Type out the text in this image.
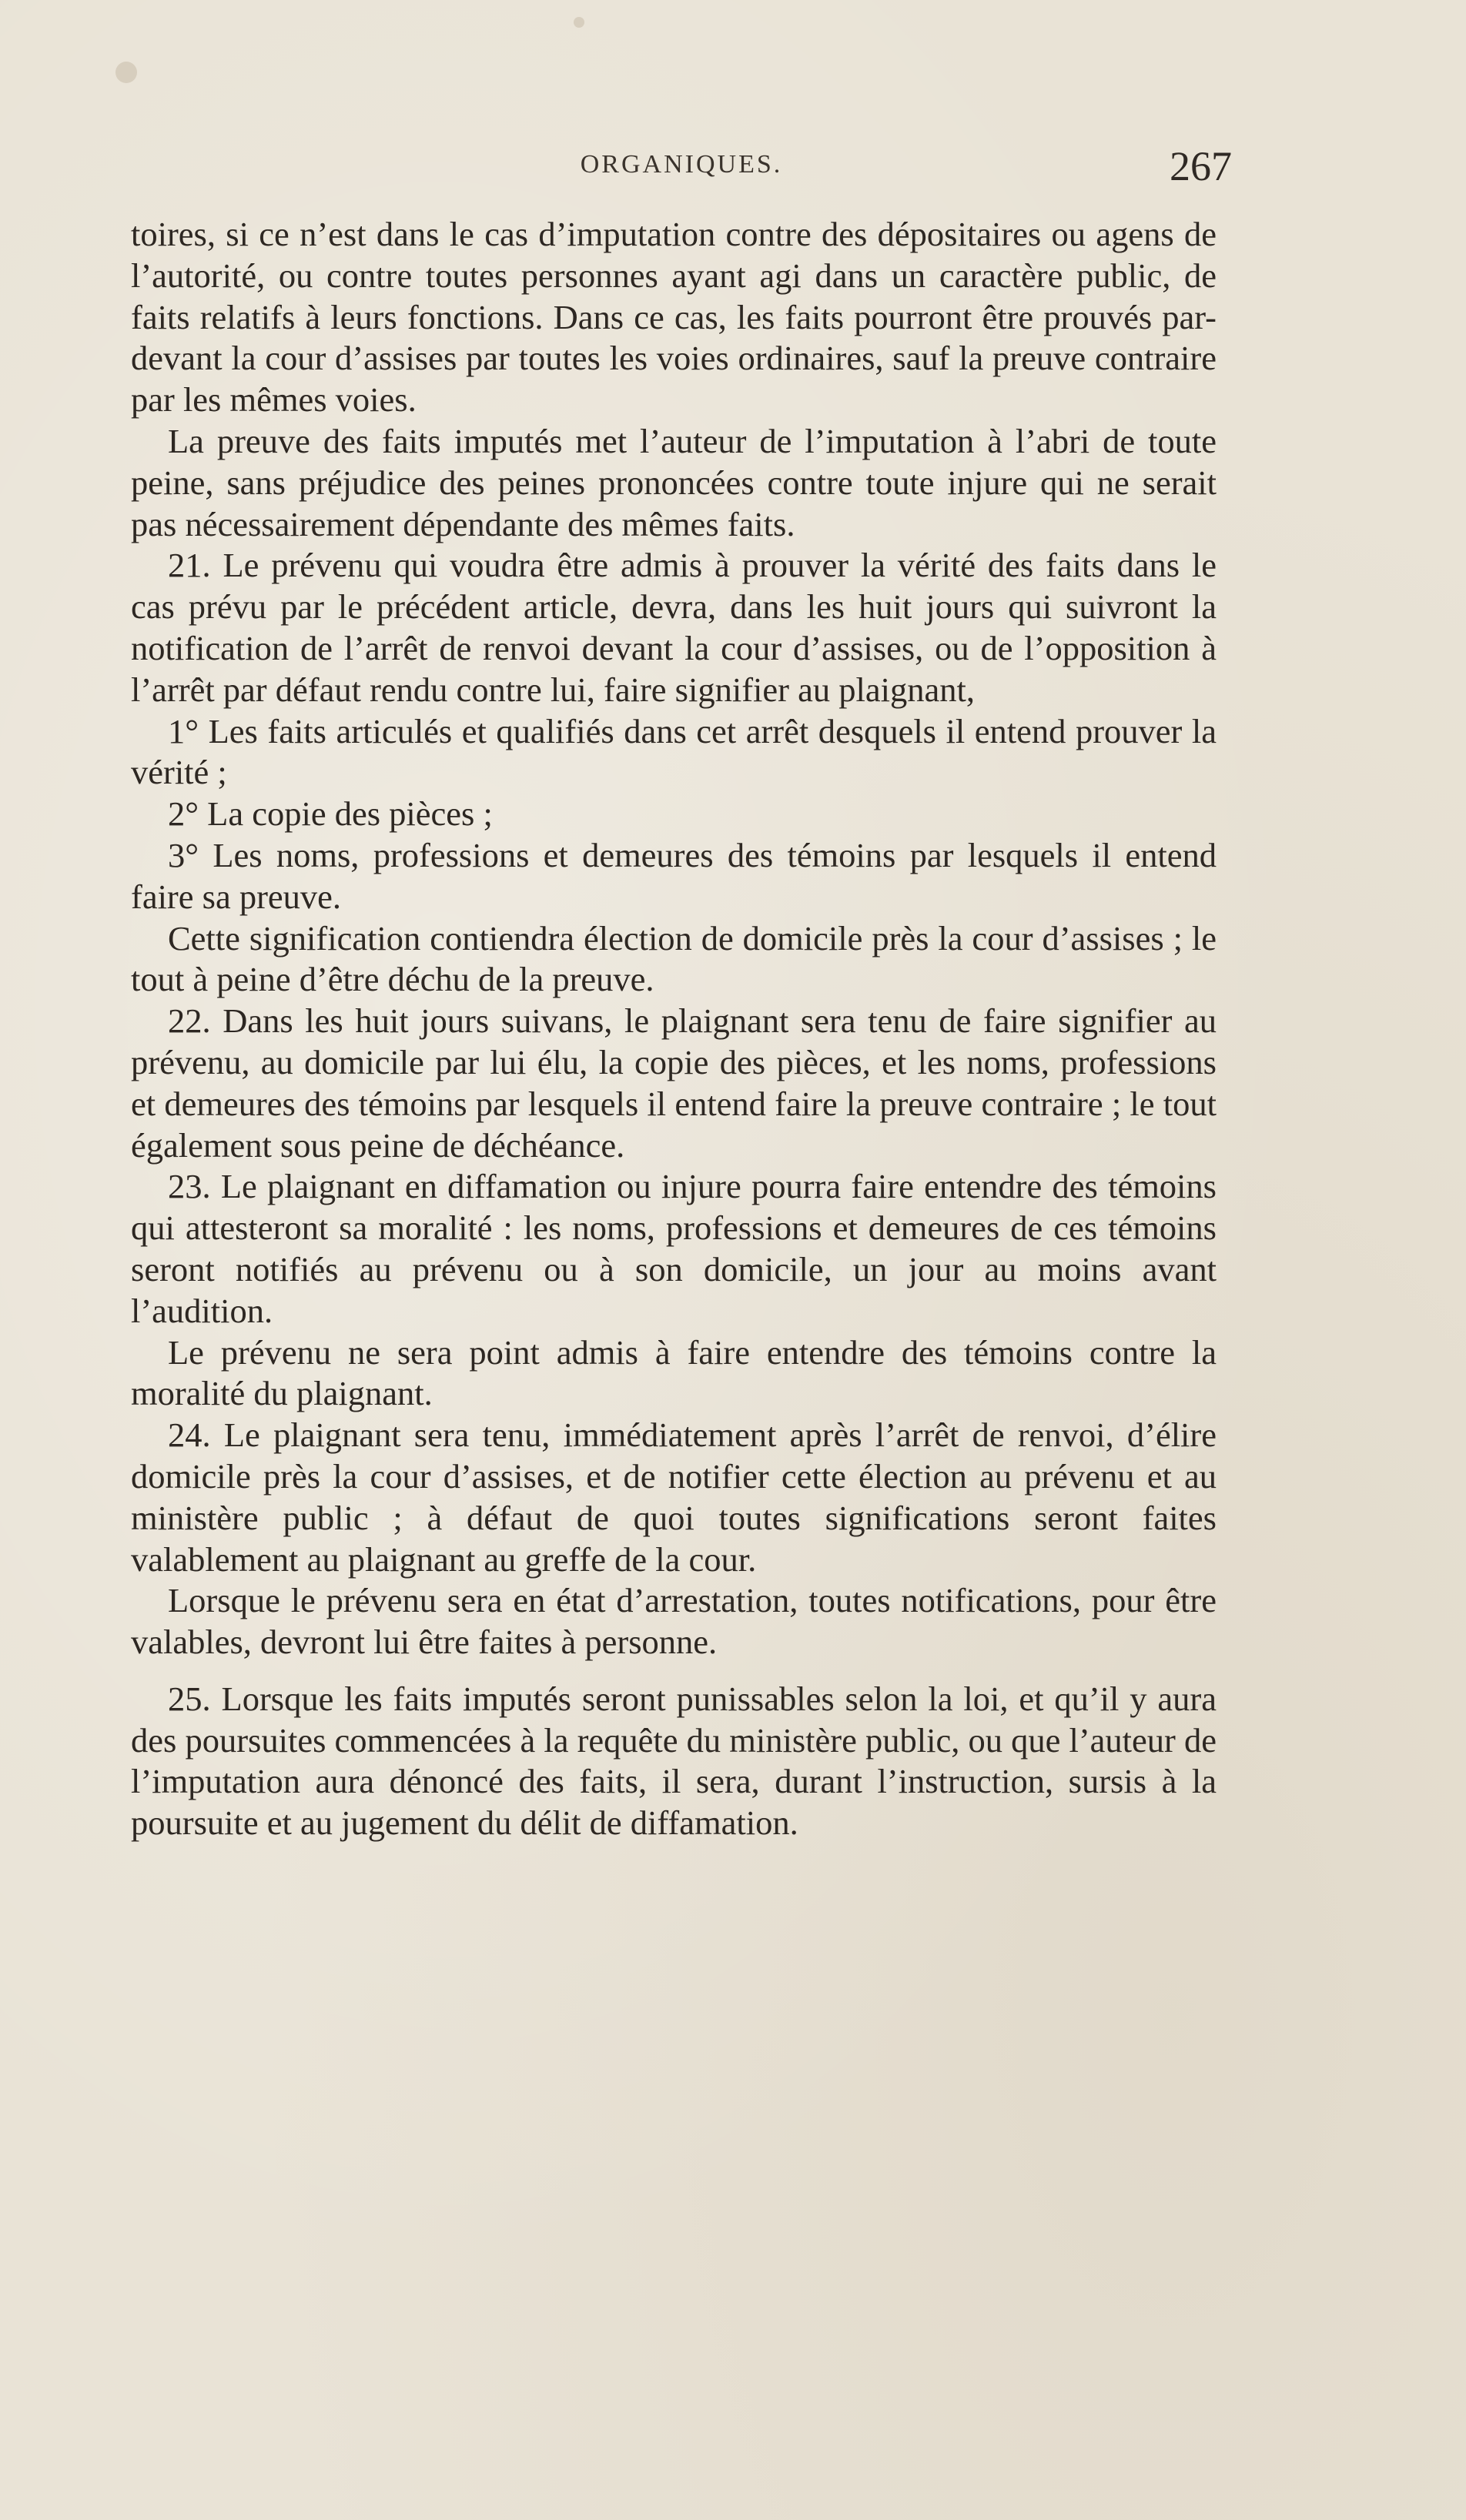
ORGANIQUES.	267

toires, si ce n’est dans le cas d’imputation contre des dépositaires ou agens de l’autorité, ou contre toutes personnes ayant agi dans un caractère public, de faits relatifs à leurs fonctions. Dans ce cas, les faits pourront être prouvés par-devant la cour d’assises par toutes les voies ordinaires, sauf la preuve contraire par les mêmes voies.

La preuve des faits imputés met l’auteur de l’imputation à l’abri de toute peine, sans préjudice des peines prononcées contre toute injure qui ne serait pas nécessairement dépendante des mêmes faits.

21. Le prévenu qui voudra être admis à prouver la vérité des faits dans le cas prévu par le précédent article, devra, dans les huit jours qui suivront la notification de l’arrêt de renvoi devant la cour d’assises, ou de l’opposition à l’arrêt par défaut rendu contre lui, faire signifier au plaignant,

1° Les faits articulés et qualifiés dans cet arrêt desquels il entend prouver la vérité ;

2° La copie des pièces ;

3° Les noms, professions et demeures des témoins par lesquels il entend faire sa preuve.

Cette signification contiendra élection de domicile près la cour d’assises ; le tout à peine d’être déchu de la preuve.

22. Dans les huit jours suivans, le plaignant sera tenu de faire signifier au prévenu, au domicile par lui élu, la copie des pièces, et les noms, professions et demeures des témoins par lesquels il entend faire la preuve contraire ; le tout également sous peine de déchéance.

23. Le plaignant en diffamation ou injure pourra faire entendre des témoins qui attesteront sa moralité : les noms, professions et demeures de ces témoins seront notifiés au prévenu ou à son domicile, un jour au moins avant l’audition.

Le prévenu ne sera point admis à faire entendre des témoins contre la moralité du plaignant.

24. Le plaignant sera tenu, immédiatement après l’arrêt de renvoi, d’élire domicile près la cour d’assises, et de notifier cette élection au prévenu et au ministère public ; à défaut de quoi toutes significations seront faites valablement au plaignant au greffe de la cour.

Lorsque le prévenu sera en état d’arrestation, toutes notifications, pour être valables, devront lui être faites à personne.

25. Lorsque les faits imputés seront punissables selon la loi, et qu’il y aura des poursuites commencées à la requête du ministère public, ou que l’auteur de l’imputation aura dénoncé des faits, il sera, durant l’instruction, sursis à la poursuite et au jugement du délit de diffamation.
